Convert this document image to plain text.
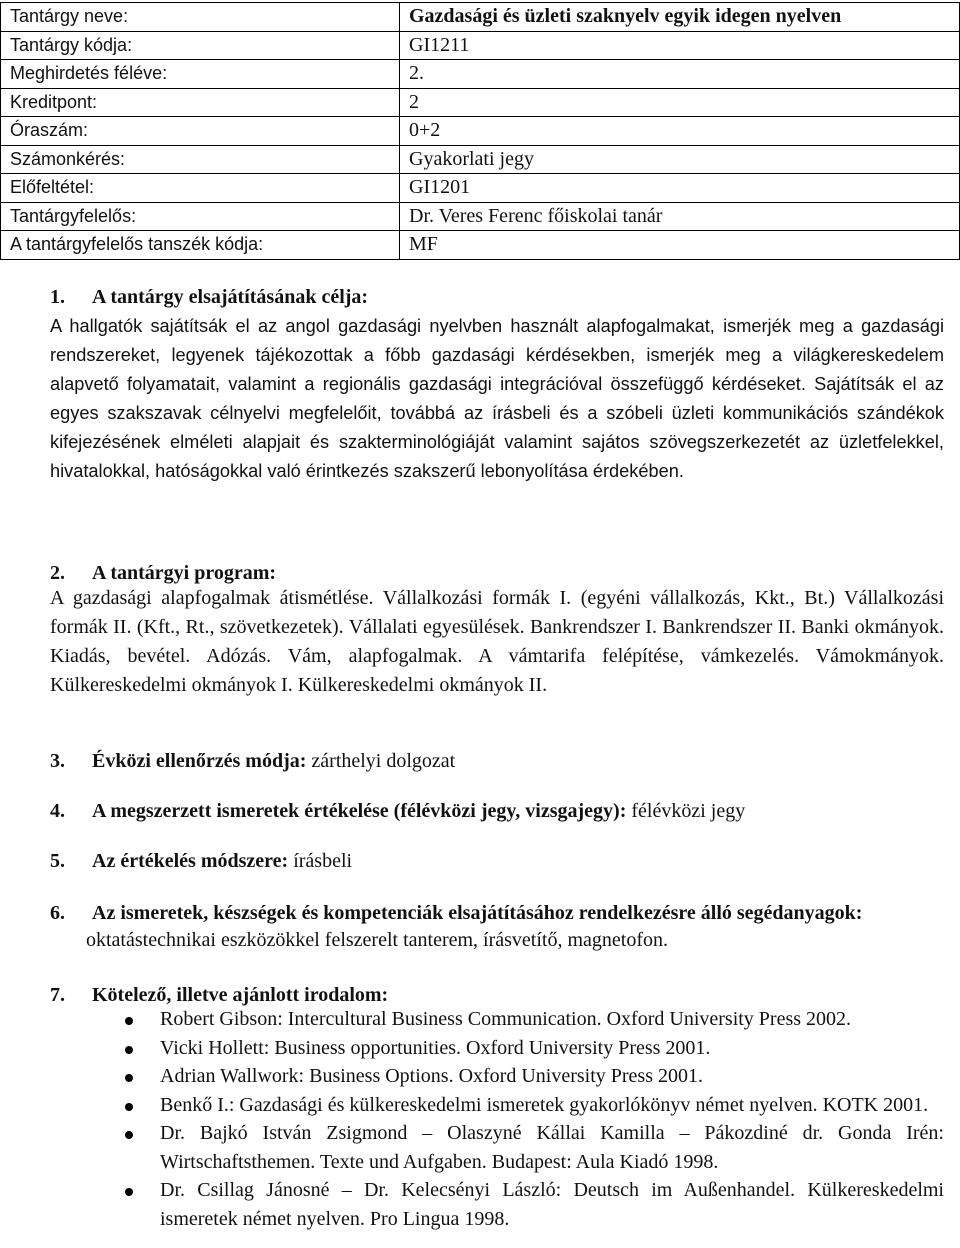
Tantárgy neve:	Gazdasági és üzleti szaknyelv egyik idegen nyelven
Tantárgy kódja:	GI1211
Meghirdetés féléve:	2.
Kreditpont:	2
Óraszám:	0+2
Számonkérés:	Gyakorlati jegy
Előfeltétel:	GI1201
Tantárgyfelelős:	Dr. Veres Ferenc főiskolai tanár
A tantárgyfelelős tanszék kódja:	MF
1. A tantárgy elsajátításának célja:
A hallgatók sajátítsák el az angol gazdasági nyelvben használt alapfogalmakat, ismerjék meg a gazdasági rendszereket, legyenek tájékozottak a főbb gazdasági kérdésekben, ismerjék meg a világkereskedelem alapvető folyamatait, valamint a regionális gazdasági integrációval összefüggő kérdéseket. Sajátítsák el az egyes szakszavak célnyelvi megfelelőit, továbbá az írásbeli és a szóbeli üzleti kommunikációs szándékok kifejezésének elméleti alapjait és szakterminológiáját valamint sajátos szövegszerkezetét az üzletfelekkel, hivatalokkal, hatóságokkal való érintkezés szakszerű lebonyolítása érdekében.
2. A tantárgyi program:
A gazdasági alapfogalmak átismétlése. Vállalkozási formák I. (egyéni vállalkozás, Kkt., Bt.) Vállalkozási formák II. (Kft., Rt., szövetkezetek). Vállalati egyesülések. Bankrendszer I. Bankrendszer II. Banki okmányok. Kiadás, bevétel. Adózás. Vám, alapfogalmak. A vámtarifa felépítése, vámkezelés. Vámokmányok. Külkereskedelmi okmányok I. Külkereskedelmi okmányok II.
3. Évközi ellenőrzés módja: zárthelyi dolgozat
4. A megszerzett ismeretek értékelése (félévközi jegy, vizsgajegy): félévközi jegy
5. Az értékelés módszere: írásbeli
6. Az ismeretek, készségek és kompetenciák elsajátításához rendelkezésre álló segédanyagok:
oktatástechnikai eszközökkel felszerelt tanterem, írásvetítő, magnetofon.
7. Kötelező, illetve ajánlott irodalom:
Robert Gibson: Intercultural Business Communication. Oxford University Press 2002.
Vicki Hollett: Business opportunities. Oxford University Press 2001.
Adrian Wallwork: Business Options. Oxford University Press 2001.
Benkő I.: Gazdasági és külkereskedelmi ismeretek gyakorlókönyv német nyelven. KOTK 2001.
Dr. Bajkó István Zsigmond – Olaszyné Kállai Kamilla – Pákozdiné dr. Gonda Irén: Wirtschaftsthemen. Texte und Aufgaben. Budapest: Aula Kiadó 1998.
Dr. Csillag Jánosné – Dr. Kelecsényi László: Deutsch im Außenhandel. Külkereskedelmi ismeretek német nyelven. Pro Lingua 1998.
